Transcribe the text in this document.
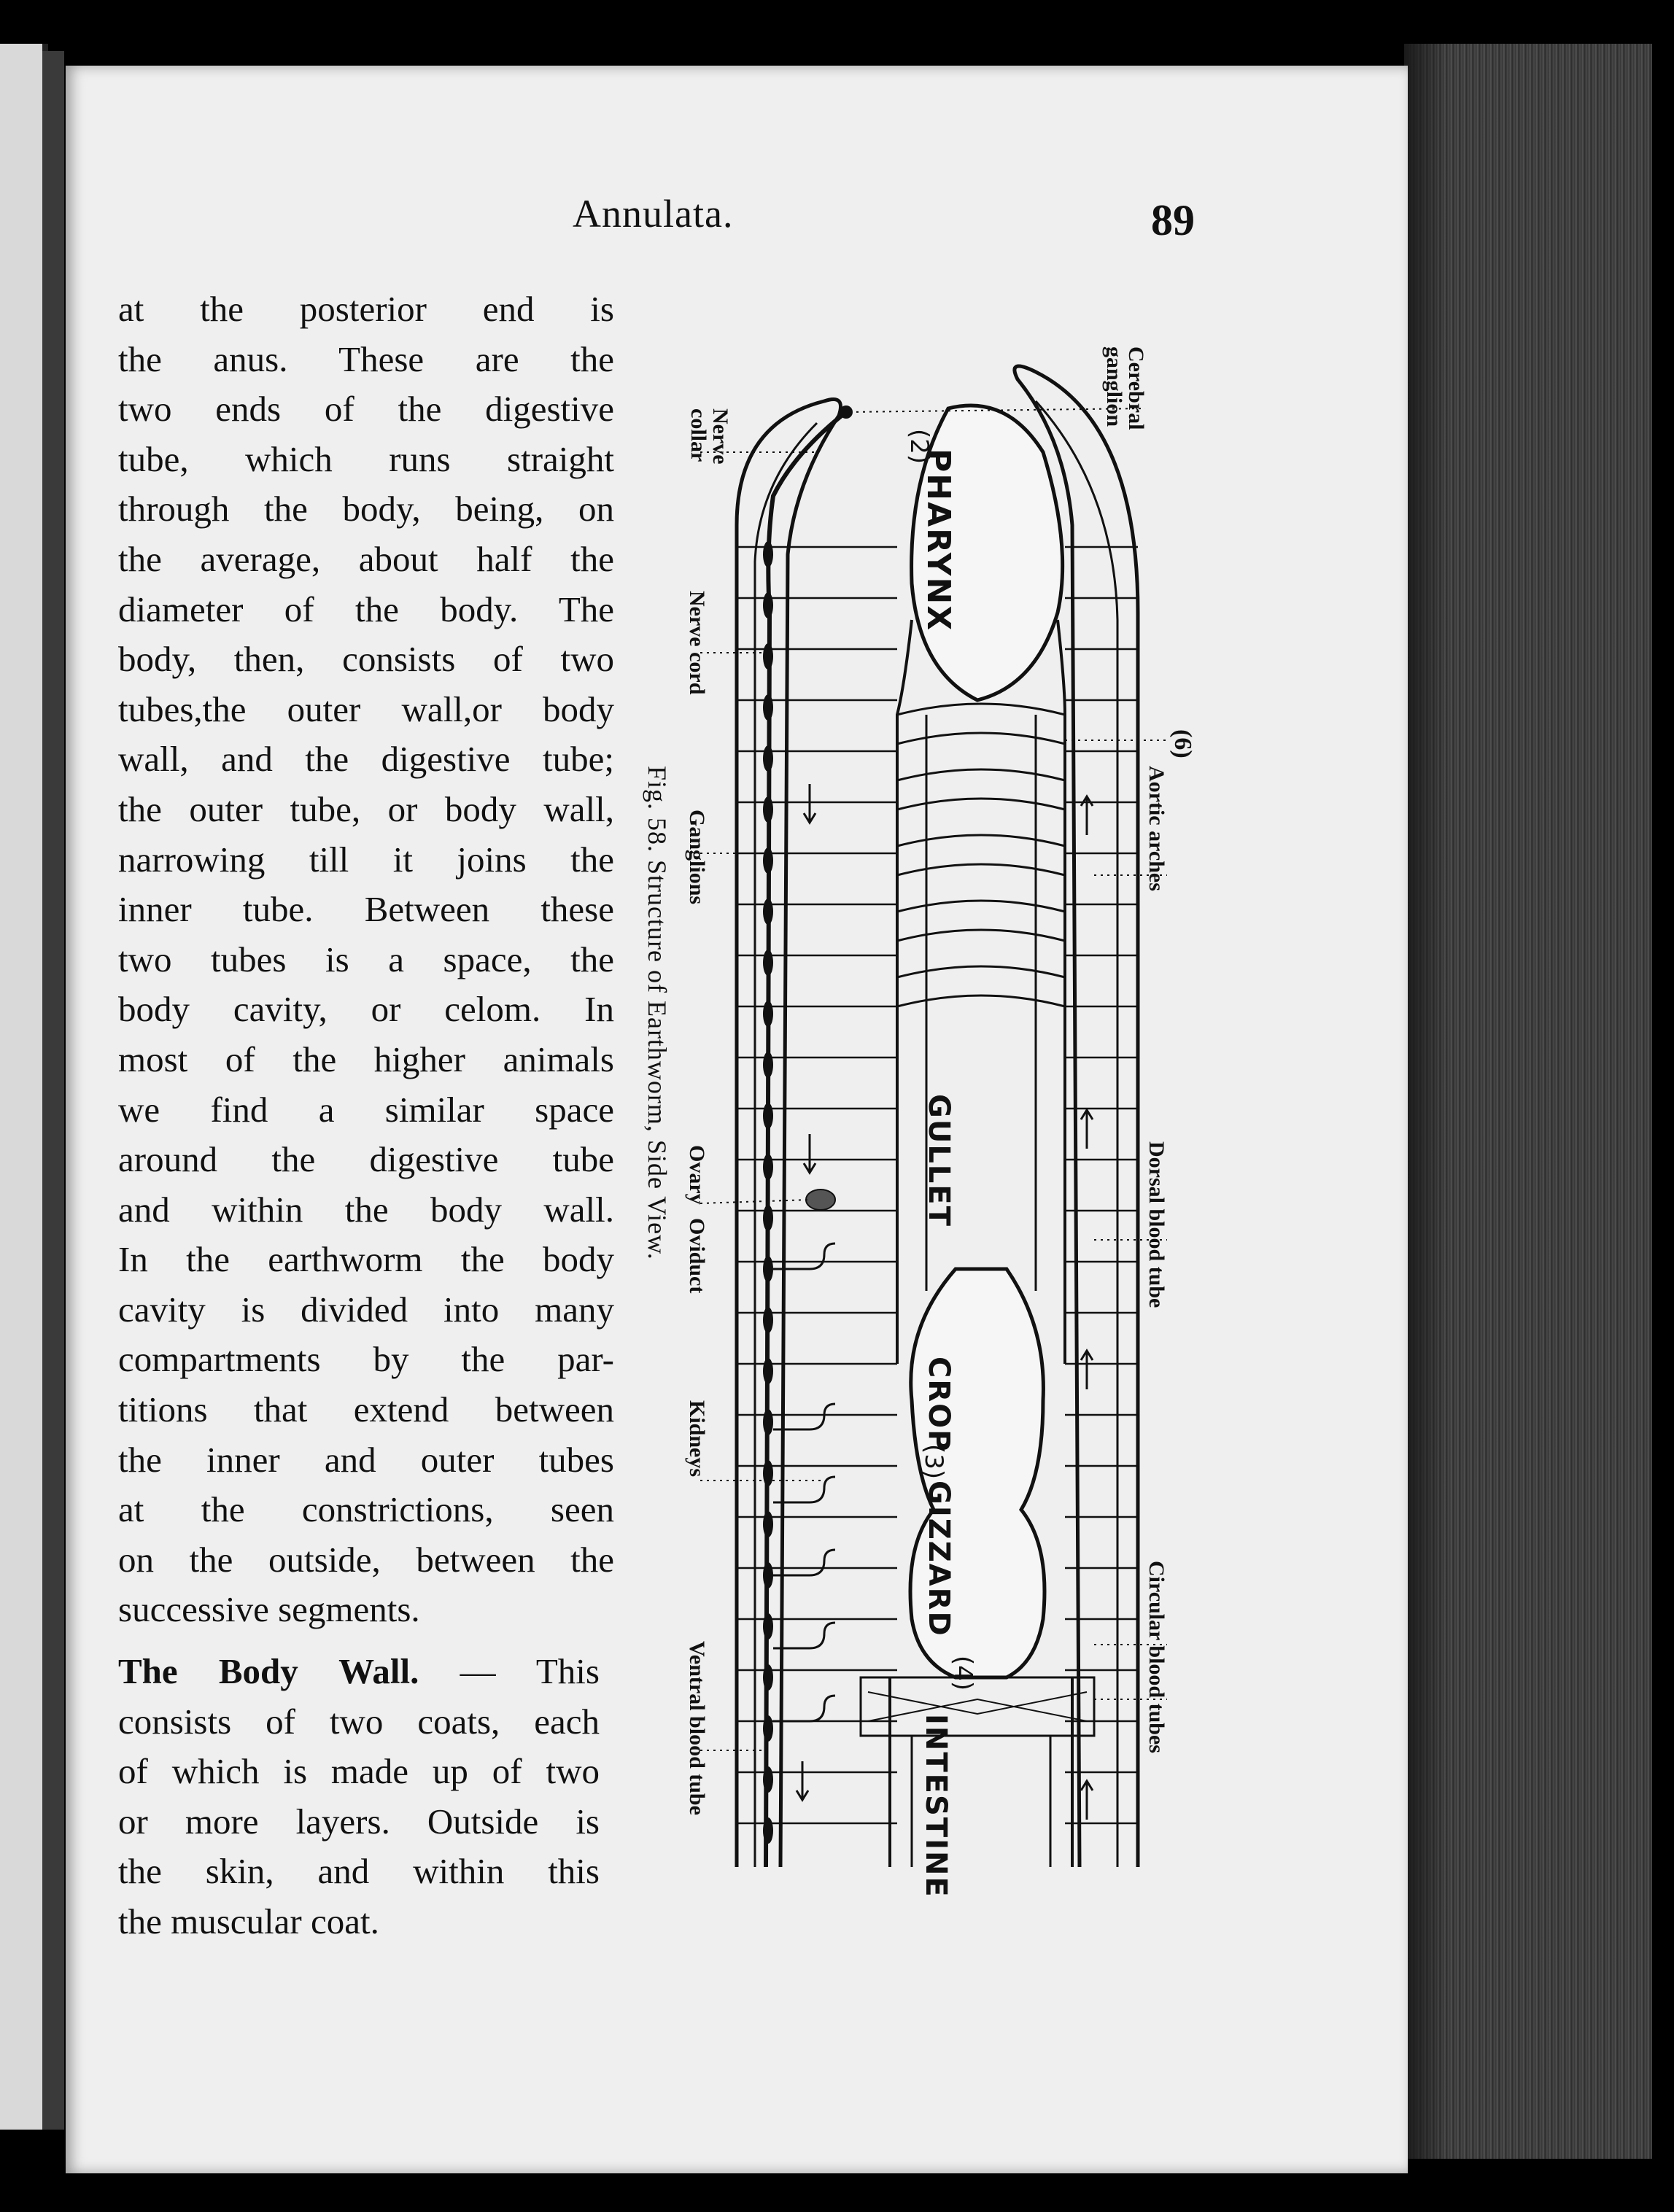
Annulata.	89
at the posterior end is
the anus. These are the
two ends of the digestive
tube, which runs straight
through the body, being, on
the average, about half the
diameter of the body. The
body, then, consists of two
tubes,the outer wall,or body
wall, and the digestive tube;
the outer tube, or body wall,
narrowing till it joins the
inner tube. Between these
two tubes is a space, the
body cavity, or celom. In
most of the higher animals
we find a similar space
around the digestive tube
and within the body wall.
In the earthworm the body
cavity is divided into many
compartments by the par-
titions that extend between
the inner and outer tubes
at the constrictions, seen
on the outside, between the
successive segments.
The Body Wall. — This
consists of two coats, each
of which is made up of two
or more layers. Outside is
the skin, and within this
the muscular coat.
Cerebral ganglion
(6)
Aortic arches
Dorsal blood tube
Circular blood tubes
Nerve collar
Nerve cord
Ganglions
Ovary
Oviduct
Kidneys
Ventral blood tube
Fig. 58. Structure of Earthworm, Side View.
PHARYNX
GULLET
CROP
GIZZARD
INTESTINE
(2)
(3)
(4)
